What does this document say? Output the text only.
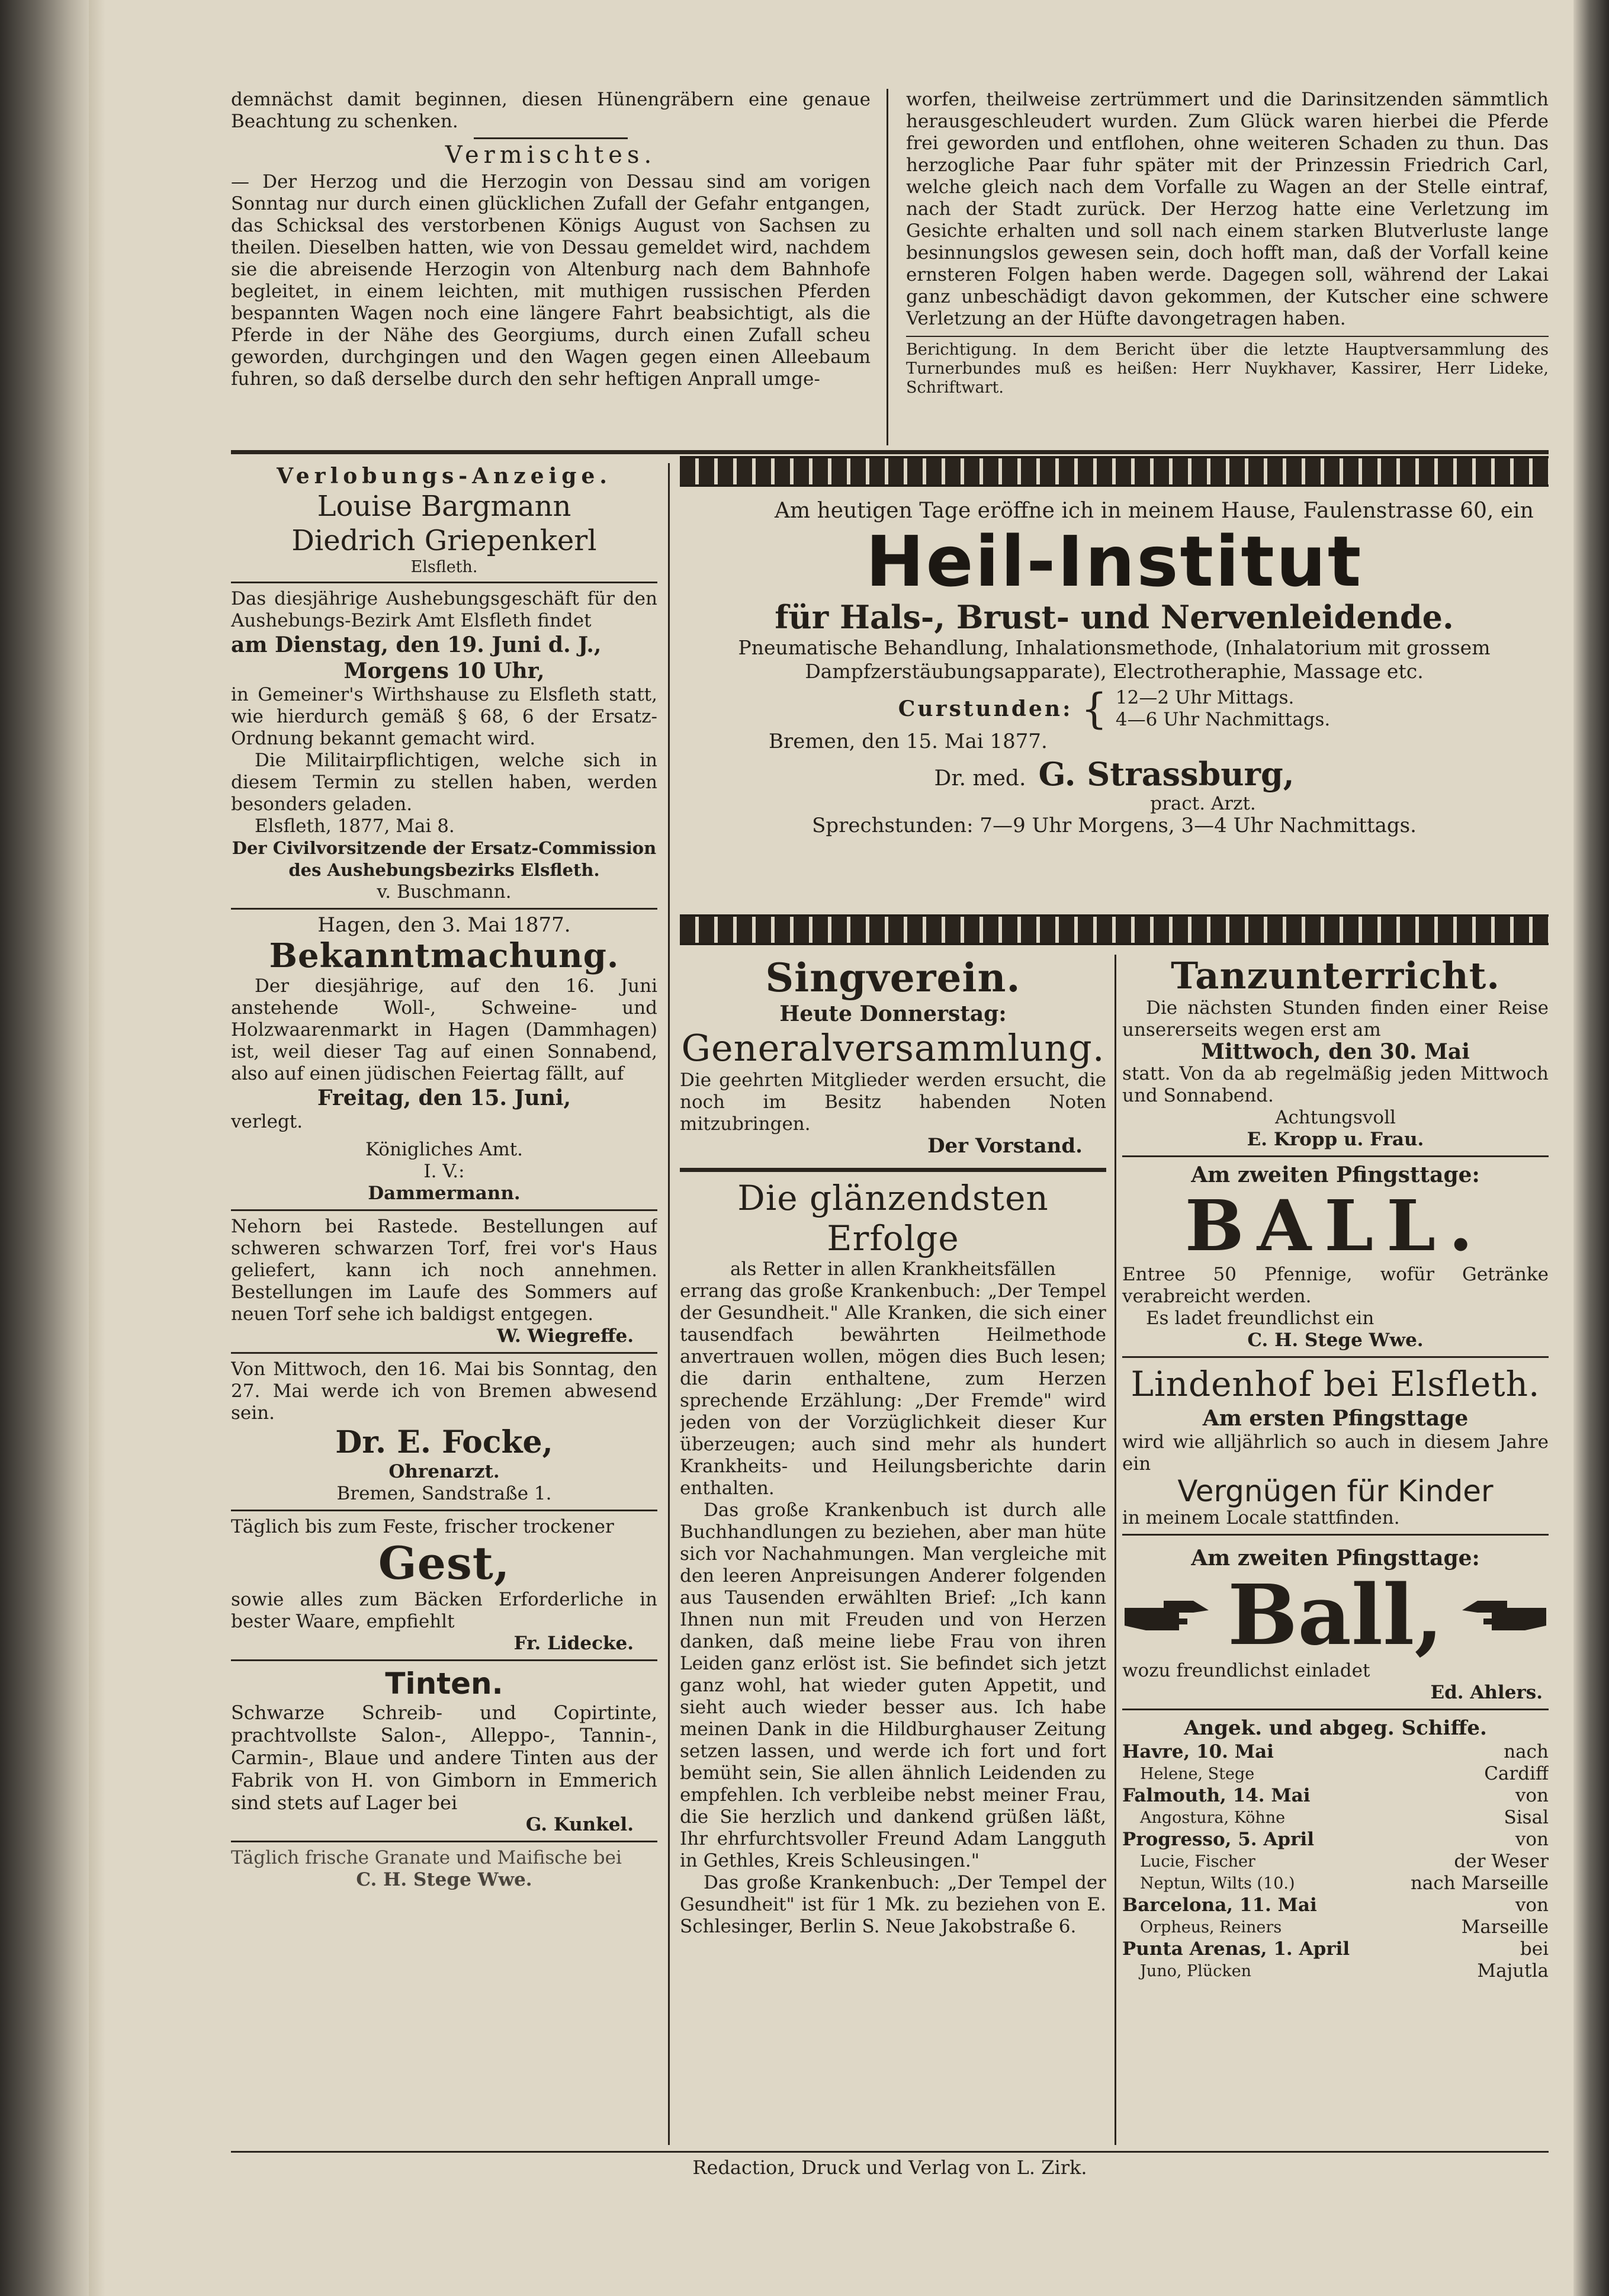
demnächst damit beginnen, diesen Hünengräbern eine genaue Beachtung zu schenken.

Vermischtes.

— Der Herzog und die Herzogin von Dessau sind am vorigen Sonntag nur durch einen glücklichen Zufall der Gefahr entgangen, das Schicksal des verstorbenen Königs August von Sachsen zu theilen. Dieselben hatten, wie von Dessau gemeldet wird, nachdem sie die abreisende Herzogin von Altenburg nach dem Bahnhofe begleitet, in einem leichten, mit muthigen russischen Pferden bespannten Wagen noch eine längere Fahrt beabsichtigt, als die Pferde in der Nähe des Georgiums, durch einen Zufall scheu geworden, durchgingen und den Wagen gegen einen Alleebaum fuhren, so daß derselbe durch den sehr heftigen Anprall umge-

worfen, theilweise zertrümmert und die Darinsitzenden sämmtlich herausgeschleudert wurden. Zum Glück waren hierbei die Pferde frei geworden und entflohen, ohne weiteren Schaden zu thun. Das herzogliche Paar fuhr später mit der Prinzessin Friedrich Carl, welche gleich nach dem Vorfalle zu Wagen an der Stelle eintraf, nach der Stadt zurück. Der Herzog hatte eine Verletzung im Gesichte erhalten und soll nach einem starken Blutverluste lange besinnungslos gewesen sein, doch hofft man, daß der Vorfall keine ernsteren Folgen haben werde. Dagegen soll, während der Lakai ganz unbeschädigt davon gekommen, der Kutscher eine schwere Verletzung an der Hüfte davongetragen haben.

Berichtigung. In dem Bericht über die letzte Hauptversammlung des Turnerbundes muß es heißen: Herr Nuykhaver, Kassirer, Herr Lideke, Schriftwart.

Verlobungs-Anzeige.
Louise Bargmann
Diedrich Griepenkerl
Elsfleth.

Das diesjährige Aushebungsgeschäft für den Aushebungs-Bezirk Amt Elsfleth findet

am Dienstag, den 19. Juni d. J.,
Morgens 10 Uhr,

in Gemeiner's Wirthshause zu Elsfleth statt, wie hierdurch gemäß § 68, 6 der Ersatz-Ordnung bekannt gemacht wird.

Die Militairpflichtigen, welche sich in diesem Termin zu stellen haben, werden besonders geladen.

Elsfleth, 1877, Mai 8.
Der Civilvorsitzende der Ersatz-Commission
des Aushebungsbezirks Elsfleth.
v. Buschmann.
Hagen, den 3. Mai 1877.
Bekanntmachung.

Der diesjährige, auf den 16. Juni anstehende Woll-, Schweine- und Holzwaarenmarkt in Hagen (Dammhagen) ist, weil dieser Tag auf einen Sonnabend, also auf einen jüdischen Feiertag fällt, auf

Freitag, den 15. Juni,
verlegt.
Königliches Amt.
I. V.:
Dammermann.

Nehorn bei Rastede. Bestellungen auf schweren schwarzen Torf, frei vor's Haus geliefert, kann ich noch annehmen. Bestellungen im Laufe des Sommers auf neuen Torf sehe ich baldigst entgegen.

W. Wiegreffe.

Von Mittwoch, den 16. Mai bis Sonntag, den 27. Mai werde ich von Bremen abwesend sein.

Dr. E. Focke,
Ohrenarzt.
Bremen, Sandstraße 1.

Täglich bis zum Feste, frischer trockener

Gest,

sowie alles zum Bäcken Erforderliche in bester Waare, empfiehlt

Fr. Lidecke.
Tinten.

Schwarze Schreib- und Copirtinte, prachtvollste Salon-, Alleppo-, Tannin-, Carmin-, Blaue und andere Tinten aus der Fabrik von H. von Gimborn in Emmerich sind stets auf Lager bei

G. Kunkel.

Täglich frische Granate und Maifische bei

C. H. Stege Wwe.

Am heutigen Tage eröffne ich in meinem Hause, Faulenstrasse 60, ein

Heil-Institut
für Hals-, Brust- und Nervenleidende.

Pneumatische Behandlung, Inhalationsmethode, (Inhalatorium mit grossem Dampfzerstäubungsapparate), Electrotheraphie, Massage etc.

Curstunden: { 12—2 Uhr Mittags.
4—6 Uhr Nachmittags.
Bremen, den 15. Mai 1877.
Dr. med. G. Strassburg,
pract. Arzt.
Sprechstunden: 7—9 Uhr Morgens, 3—4 Uhr Nachmittags.
Singverein.
Heute Donnerstag:
Generalversammlung.

Die geehrten Mitglieder werden ersucht, die noch im Besitz habenden Noten mitzubringen.

Der Vorstand.
Die glänzendsten Erfolge
als Retter in allen Krankheitsfällen

errang das große Krankenbuch: „Der Tempel der Gesundheit." Alle Kranken, die sich einer tausendfach bewährten Heilmethode anvertrauen wollen, mögen dies Buch lesen; die darin enthaltene, zum Herzen sprechende Erzählung: „Der Fremde" wird jeden von der Vorzüglichkeit dieser Kur überzeugen; auch sind mehr als hundert Krankheits- und Heilungsberichte darin enthalten.

Das große Krankenbuch ist durch alle Buchhandlungen zu beziehen, aber man hüte sich vor Nachahmungen. Man vergleiche mit den leeren Anpreisungen Anderer folgenden aus Tausenden erwählten Brief: „Ich kann Ihnen nun mit Freuden und von Herzen danken, daß meine liebe Frau von ihren Leiden ganz erlöst ist. Sie befindet sich jetzt ganz wohl, hat wieder guten Appetit, und sieht auch wieder besser aus. Ich habe meinen Dank in die Hildburghauser Zeitung setzen lassen, und werde ich fort und fort bemüht sein, Sie allen ähnlich Leidenden zu empfehlen. Ich verbleibe nebst meiner Frau, die Sie herzlich und dankend grüßen läßt, Ihr ehrfurchtsvoller Freund Adam Langguth in Gethles, Kreis Schleusingen."

Das große Krankenbuch: „Der Tempel der Gesundheit" ist für 1 Mk. zu beziehen von E. Schlesinger, Berlin S. Neue Jakobstraße 6.

Tanzunterricht.

Die nächsten Stunden finden einer Reise unsererseits wegen erst am

Mittwoch, den 30. Mai

statt. Von da ab regelmäßig jeden Mittwoch und Sonnabend.

Achtungsvoll
E. Kropp u. Frau.
Am zweiten Pfingsttage:
BALL.

Entree 50 Pfennige, wofür Getränke verabreicht werden.

Es ladet freundlichst ein
C. H. Stege Wwe.
Lindenhof bei Elsfleth.
Am ersten Pfingsttage

wird wie alljährlich so auch in diesem Jahre ein

Vergnügen für Kinder

in meinem Locale stattfinden.

Am zweiten Pfingsttage:
Ball,
wozu freundlichst einladet
Ed. Ahlers.
Angek. und abgeg. Schiffe.
Havre, 10. Mai	nach
Helene, Stege	Cardiff
Falmouth, 14. Mai	von
Angostura, Köhne	Sisal
Progresso, 5. April	von
Lucie, Fischer	der Weser
Neptun, Wilts (10.)	nach Marseille
Barcelona, 11. Mai	von
Orpheus, Reiners	Marseille
Punta Arenas, 1. April	bei
Juno, Plücken	Majutla
Redaction, Druck und Verlag von L. Zirk.
